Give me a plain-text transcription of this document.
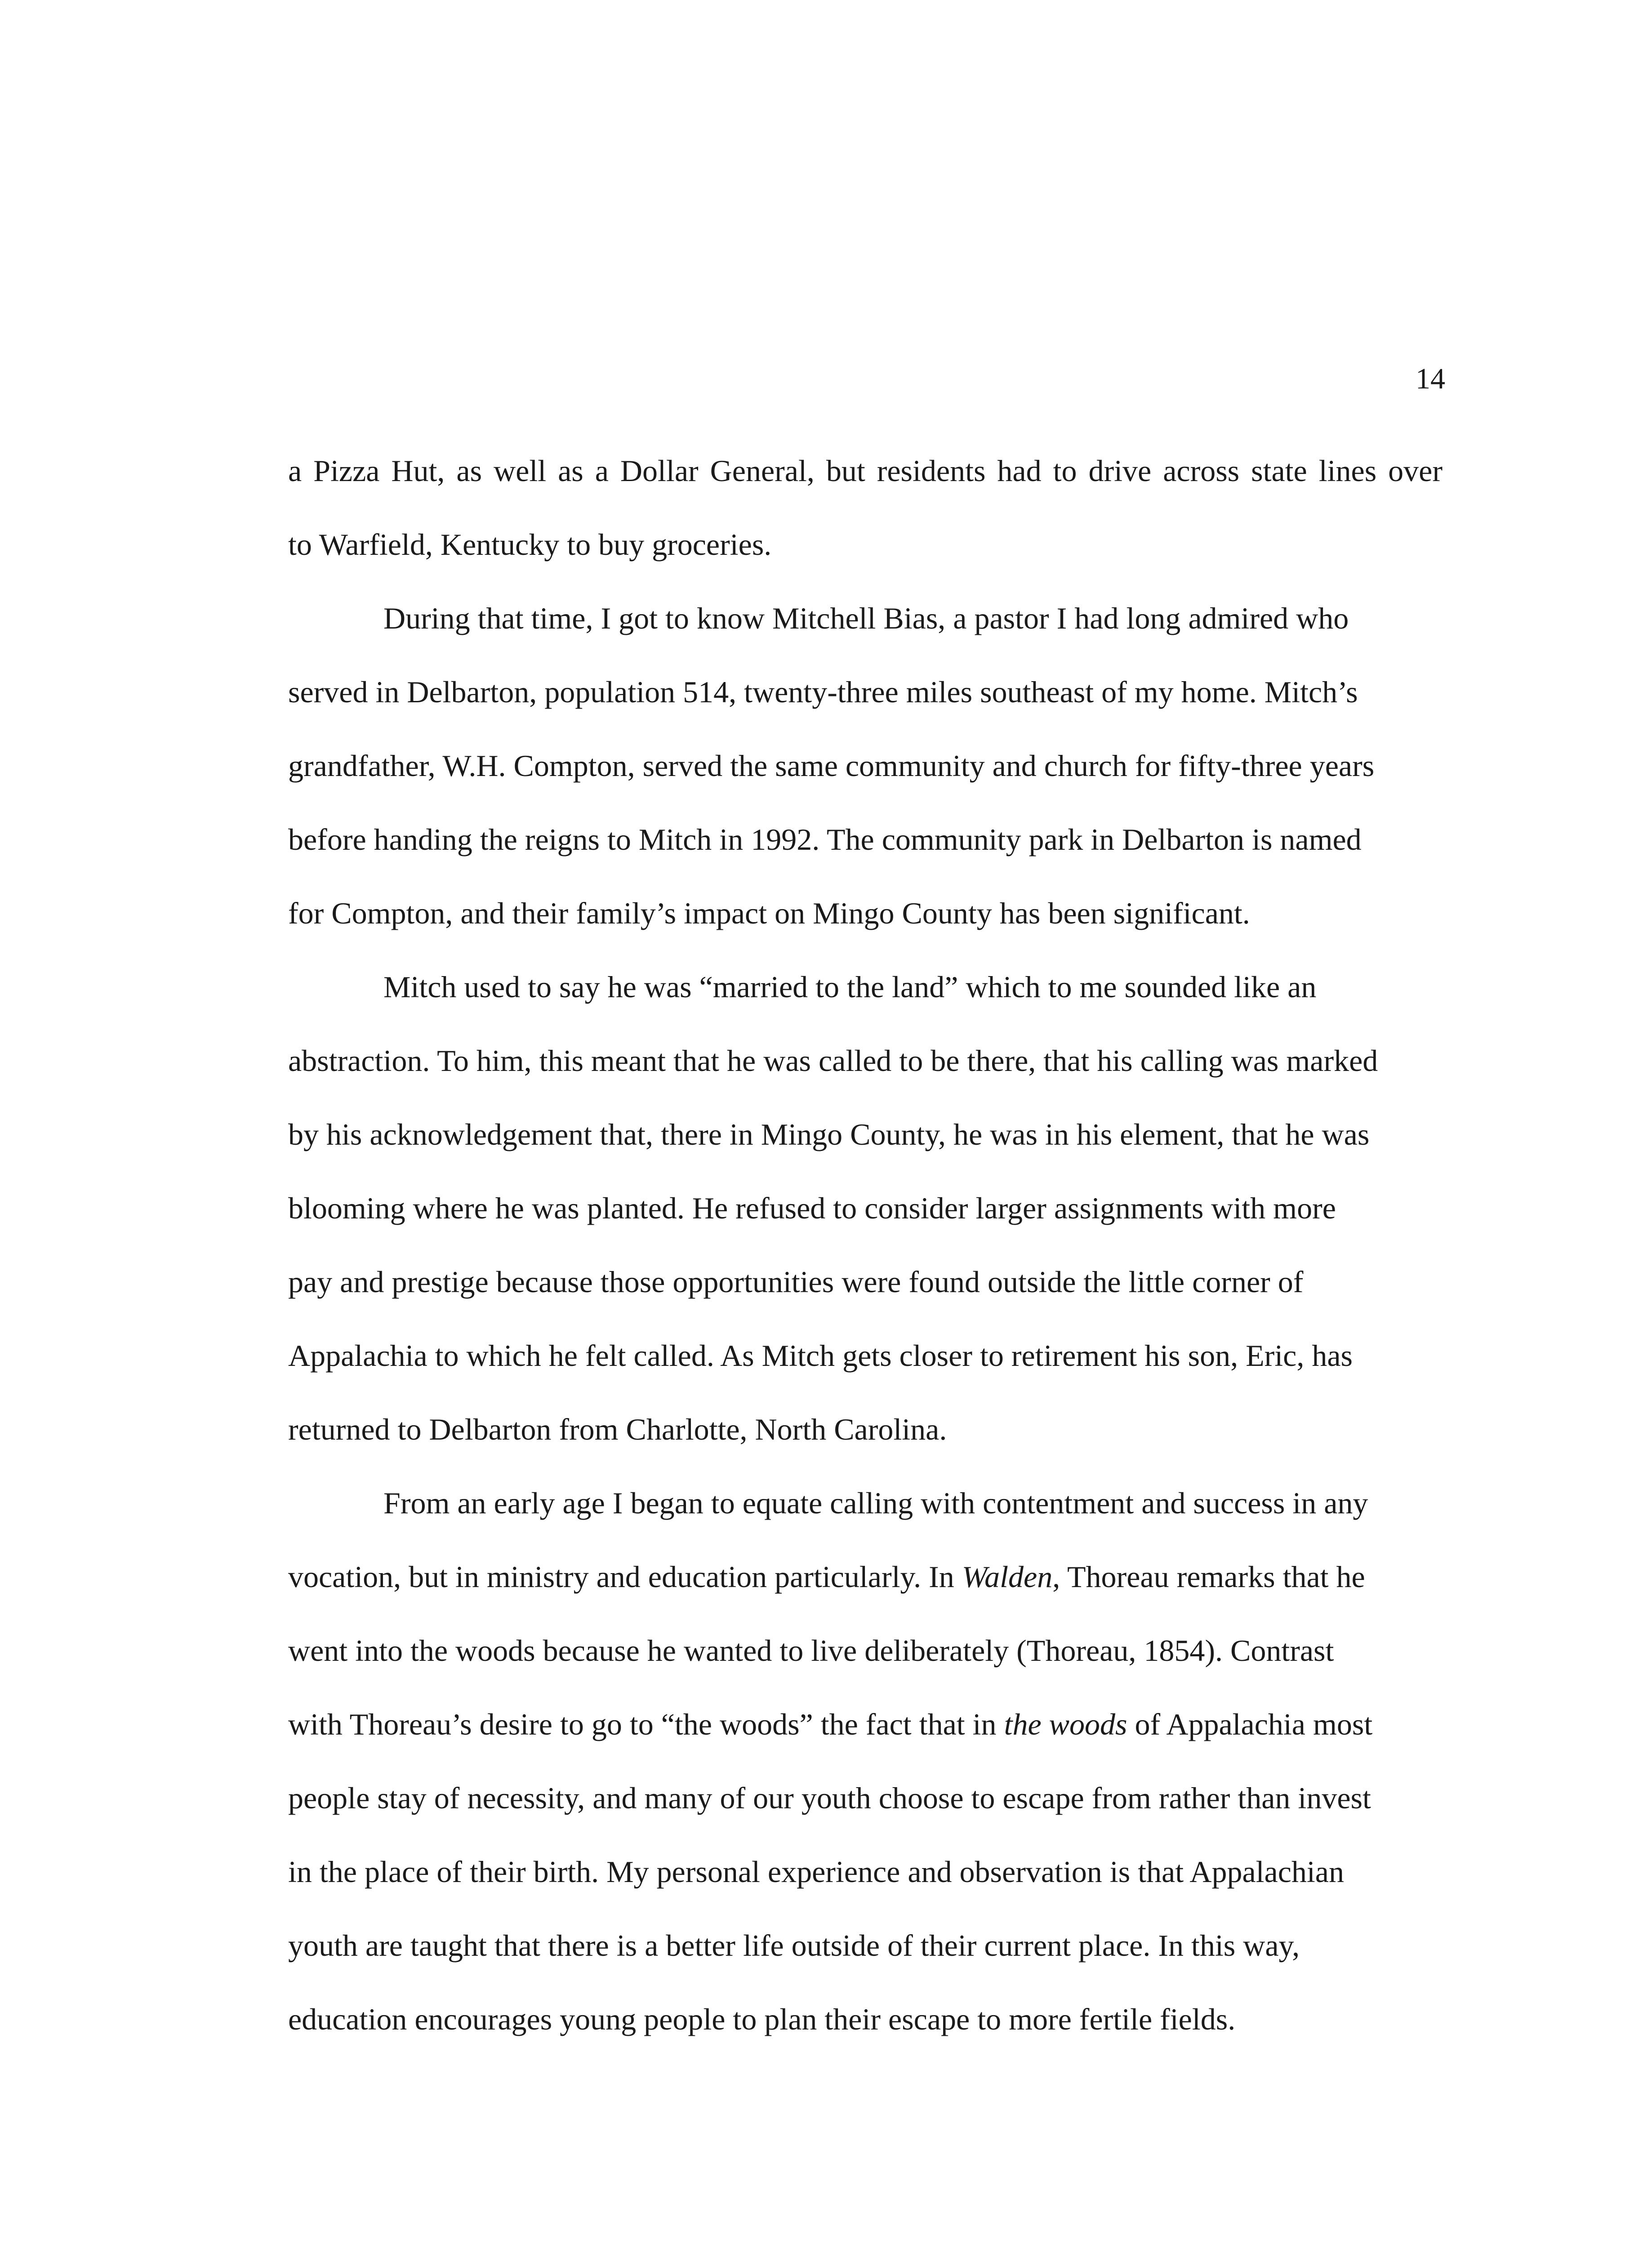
14
a Pizza Hut, as well as a Dollar General, but residents had to drive across state lines over
to Warfield, Kentucky to buy groceries.
During that time, I got to know Mitchell Bias, a pastor I had long admired who
served in Delbarton, population 514, twenty-three miles southeast of my home. Mitch’s
grandfather, W.H. Compton, served the same community and church for fifty-three years
before handing the reigns to Mitch in 1992. The community park in Delbarton is named
for Compton, and their family’s impact on Mingo County has been significant.
Mitch used to say he was “married to the land” which to me sounded like an
abstraction. To him, this meant that he was called to be there, that his calling was marked
by his acknowledgement that, there in Mingo County, he was in his element, that he was
blooming where he was planted. He refused to consider larger assignments with more
pay and prestige because those opportunities were found outside the little corner of
Appalachia to which he felt called. As Mitch gets closer to retirement his son, Eric, has
returned to Delbarton from Charlotte, North Carolina.
From an early age I began to equate calling with contentment and success in any
vocation, but in ministry and education particularly. In Walden, Thoreau remarks that he
went into the woods because he wanted to live deliberately (Thoreau, 1854). Contrast
with Thoreau’s desire to go to “the woods” the fact that in the woods of Appalachia most
people stay of necessity, and many of our youth choose to escape from rather than invest
in the place of their birth. My personal experience and observation is that Appalachian
youth are taught that there is a better life outside of their current place. In this way,
education encourages young people to plan their escape to more fertile fields.
